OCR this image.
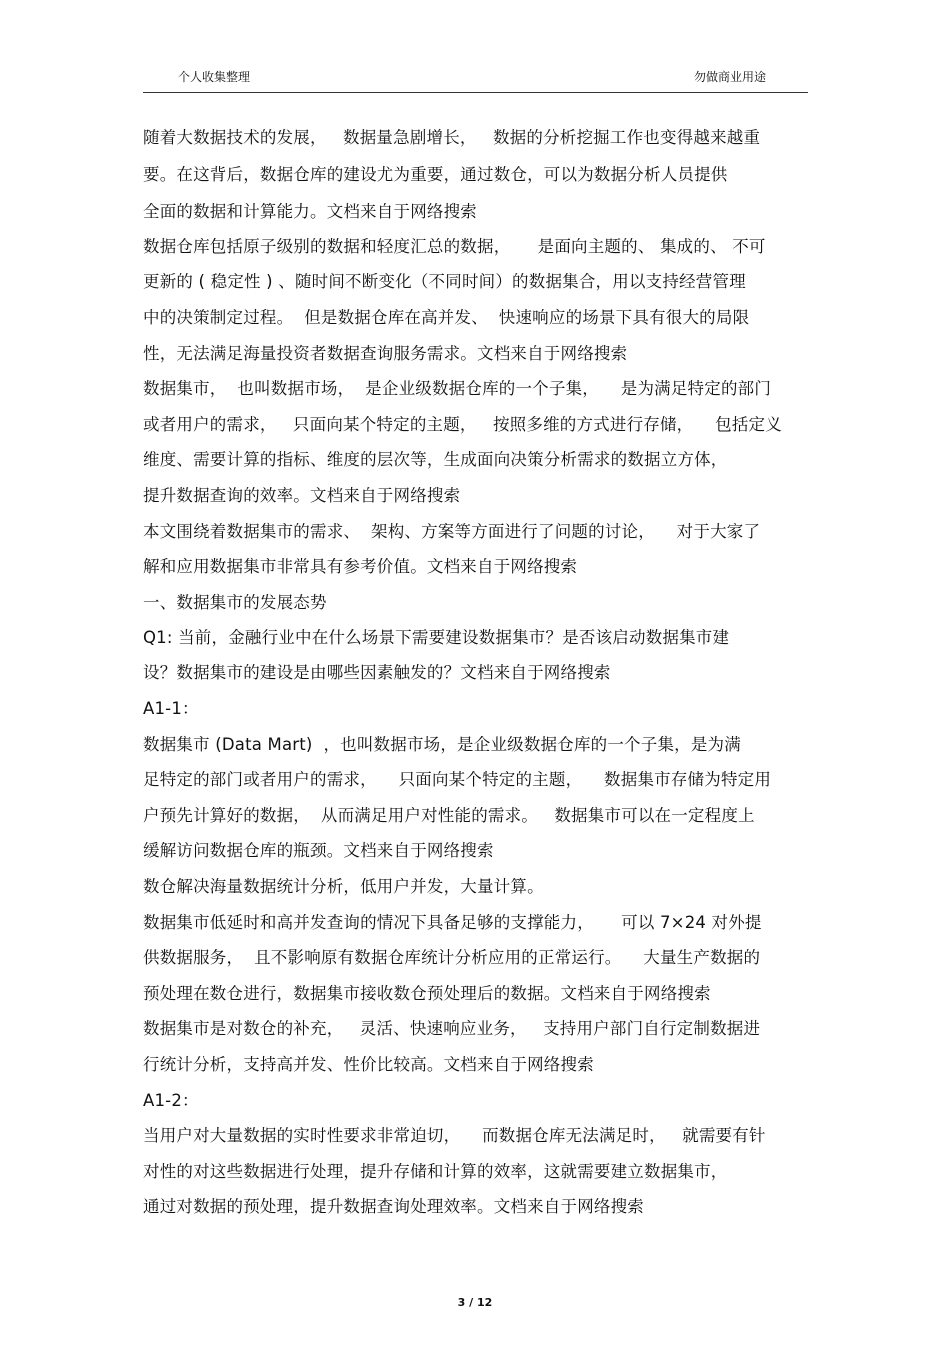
个人收集整理	勿做商业用途
随着大数据技术的发展，   数据量急剧增长，   数据的分析挖掘工作也变得越来越重
要。在这背后，数据仓库的建设尤为重要，通过数仓，可以为数据分析人员提供
全面的数据和计算能力。文档来自于网络搜索
数据仓库包括原子级别的数据和轻度汇总的数据，     是面向主题的、 集成的、 不可
更新的 ( 稳定性 ) 、随时间不断变化（不同时间）的数据集合，用以支持经营管理
中的决策制定过程。  但是数据仓库在高并发、  快速响应的场景下具有很大的局限
性，无法满足海量投资者数据查询服务需求。文档来自于网络搜索
数据集市，  也叫数据市场，  是企业级数据仓库的一个子集，    是为满足特定的部门
或者用户的需求，   只面向某个特定的主题，   按照多维的方式进行存储，    包括定义
维度、需要计算的指标、维度的层次等，生成面向决策分析需求的数据立方体，
提升数据查询的效率。文档来自于网络搜索
本文围绕着数据集市的需求、  架构、方案等方面进行了问题的讨论，    对于大家了
解和应用数据集市非常具有参考价值。文档来自于网络搜索
一、数据集市的发展态势
Q1: 当前，金融行业中在什么场景下需要建设数据集市？是否该启动数据集市建
设？数据集市的建设是由哪些因素触发的？文档来自于网络搜索
A1-1：
数据集市 (Data Mart)  ，也叫数据市场，是企业级数据仓库的一个子集，是为满
足特定的部门或者用户的需求，    只面向某个特定的主题，    数据集市存储为特定用
户预先计算好的数据，  从而满足用户对性能的需求。   数据集市可以在一定程度上
缓解访问数据仓库的瓶颈。文档来自于网络搜索
数仓解决海量数据统计分析，低用户并发，大量计算。
数据集市低延时和高并发查询的情况下具备足够的支撑能力，     可以 7×24 对外提
供数据服务，  且不影响原有数据仓库统计分析应用的正常运行。    大量生产数据的
预处理在数仓进行，数据集市接收数仓预处理后的数据。文档来自于网络搜索
数据集市是对数仓的补充，   灵活、快速响应业务，   支持用户部门自行定制数据进
行统计分析，支持高并发、性价比较高。文档来自于网络搜索
A1-2：
当用户对大量数据的实时性要求非常迫切，    而数据仓库无法满足时，   就需要有针
对性的对这些数据进行处理，提升存储和计算的效率，这就需要建立数据集市，
通过对数据的预处理，提升数据查询处理效率。文档来自于网络搜索
3 / 12
